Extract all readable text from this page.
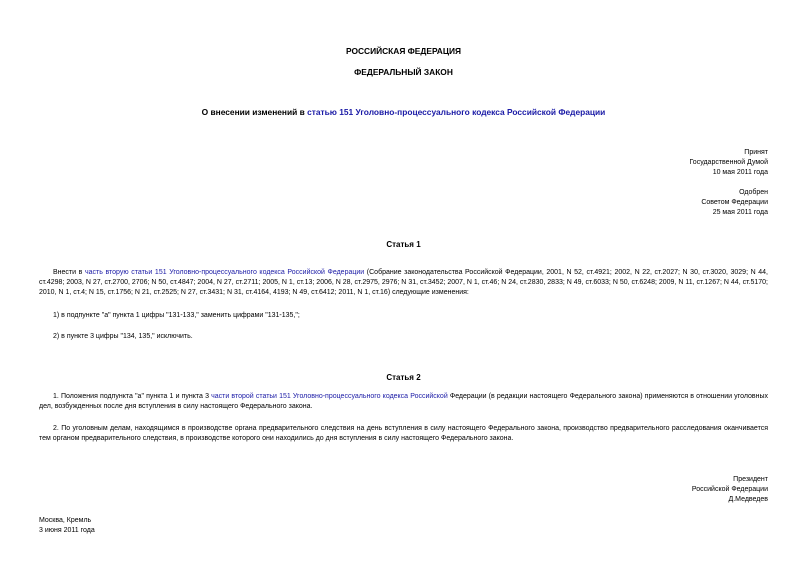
РОССИЙСКАЯ ФЕДЕРАЦИЯ
ФЕДЕРАЛЬНЫЙ ЗАКОН
О внесении изменений в статью 151 Уголовно-процессуального кодекса Российской Федерации
Принят
Государственной Думой
10 мая 2011 года
Одобрен
Советом Федерации
25 мая 2011 года
Статья 1
Внести в часть вторую статьи 151 Уголовно-процессуального кодекса Российской Федерации (Собрание законодательства Российской Федерации, 2001, N 52, ст.4921; 2002, N 22, ст.2027; N 30, ст.3020, 3029; N 44, ст.4298; 2003, N 27, ст.2700, 2706; N 50, ст.4847; 2004, N 27, ст.2711; 2005, N 1, ст.13; 2006, N 28, ст.2975, 2976; N 31, ст.3452; 2007, N 1, ст.46; N 24, ст.2830, 2833; N 49, ст.6033; N 50, ст.6248; 2009, N 11, ст.1267; N 44, ст.5170; 2010, N 1, ст.4; N 15, ст.1756; N 21, ст.2525; N 27, ст.3431; N 31, ст.4164, 4193; N 49, ст.6412; 2011, N 1, ст.16) следующие изменения:
1) в подпункте "а" пункта 1 цифры "131-133," заменить цифрами "131-135,";
2) в пункте 3 цифры "134, 135," исключить.
Статья 2
1. Положения подпункта "а" пункта 1 и пункта 3 части второй статьи 151 Уголовно-процессуального кодекса Российской Федерации (в редакции настоящего Федерального закона) применяются в отношении уголовных дел, возбужденных после дня вступления в силу настоящего Федерального закона.
2. По уголовным делам, находящимся в производстве органа предварительного следствия на день вступления в силу настоящего Федерального закона, производство предварительного расследования оканчивается тем органом предварительного следствия, в производстве которого они находились до дня вступления в силу настоящего Федерального закона.
Президент
Российской Федерации
Д.Медведев
Москва, Кремль
3 июня 2011 года
